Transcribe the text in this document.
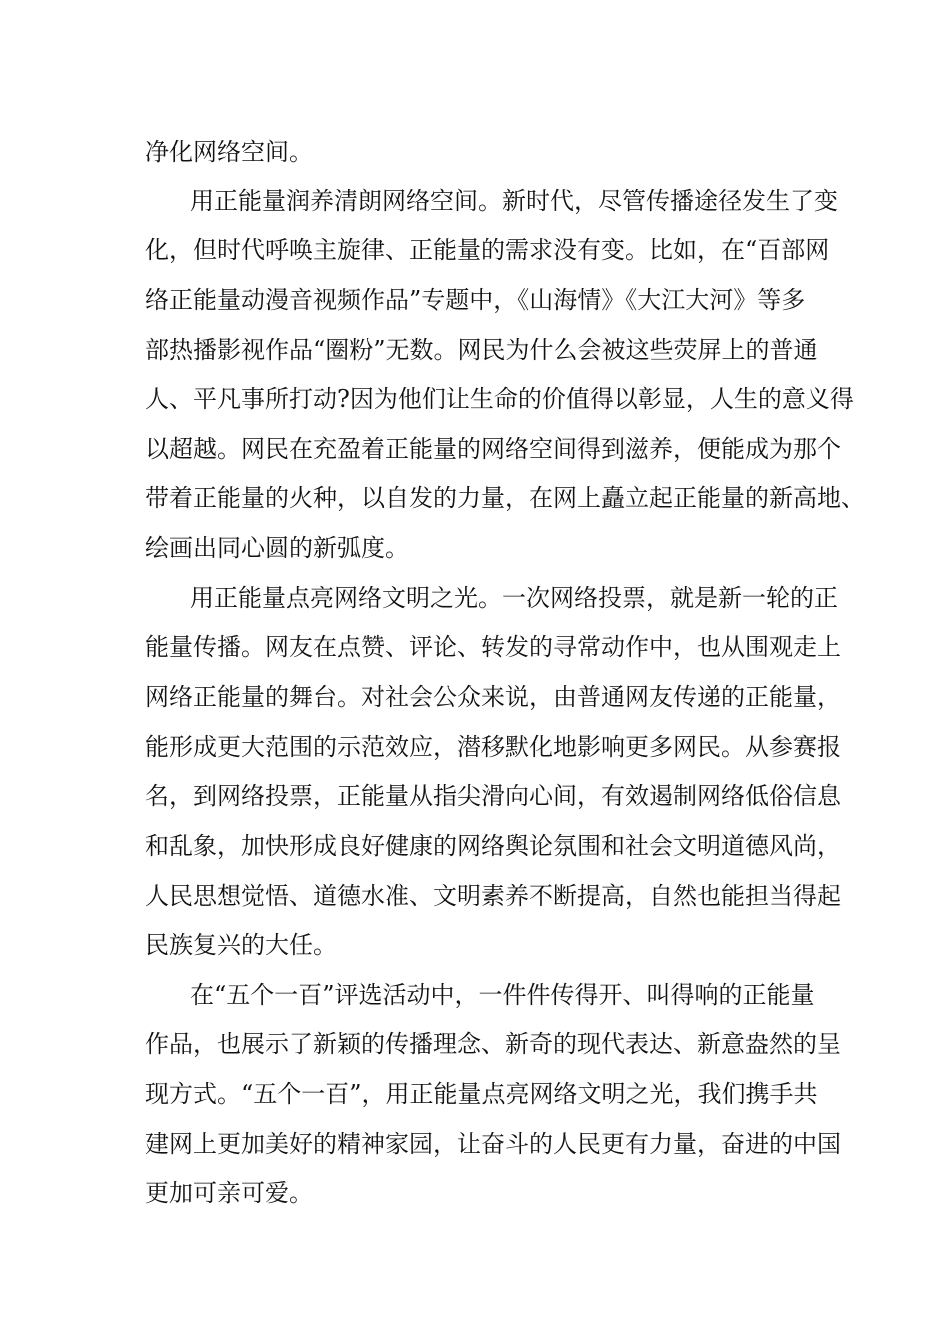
净化网络空间。
用正能量润养清朗网络空间。新时代，尽管传播途径发生了变
化，但时代呼唤主旋律、正能量的需求没有变。比如，在“百部网
络正能量动漫音视频作品”专题中，《山海情》《大江大河》等多
部热播影视作品“圈粉”无数。网民为什么会被这些荧屏上的普通
人、平凡事所打动?因为他们让生命的价值得以彰显，人生的意义得
以超越。网民在充盈着正能量的网络空间得到滋养，便能成为那个
带着正能量的火种，以自发的力量，在网上矗立起正能量的新高地、
绘画出同心圆的新弧度。
用正能量点亮网络文明之光。一次网络投票，就是新一轮的正
能量传播。网友在点赞、评论、转发的寻常动作中，也从围观走上
网络正能量的舞台。对社会公众来说，由普通网友传递的正能量，
能形成更大范围的示范效应，潜移默化地影响更多网民。从参赛报
名，到网络投票，正能量从指尖滑向心间，有效遏制网络低俗信息
和乱象，加快形成良好健康的网络舆论氛围和社会文明道德风尚，
人民思想觉悟、道德水准、文明素养不断提高，自然也能担当得起
民族复兴的大任。
在“五个一百”评选活动中，一件件传得开、叫得响的正能量
作品，也展示了新颖的传播理念、新奇的现代表达、新意盎然的呈
现方式。“五个一百”，用正能量点亮网络文明之光，我们携手共
建网上更加美好的精神家园，让奋斗的人民更有力量，奋进的中国
更加可亲可爱。
